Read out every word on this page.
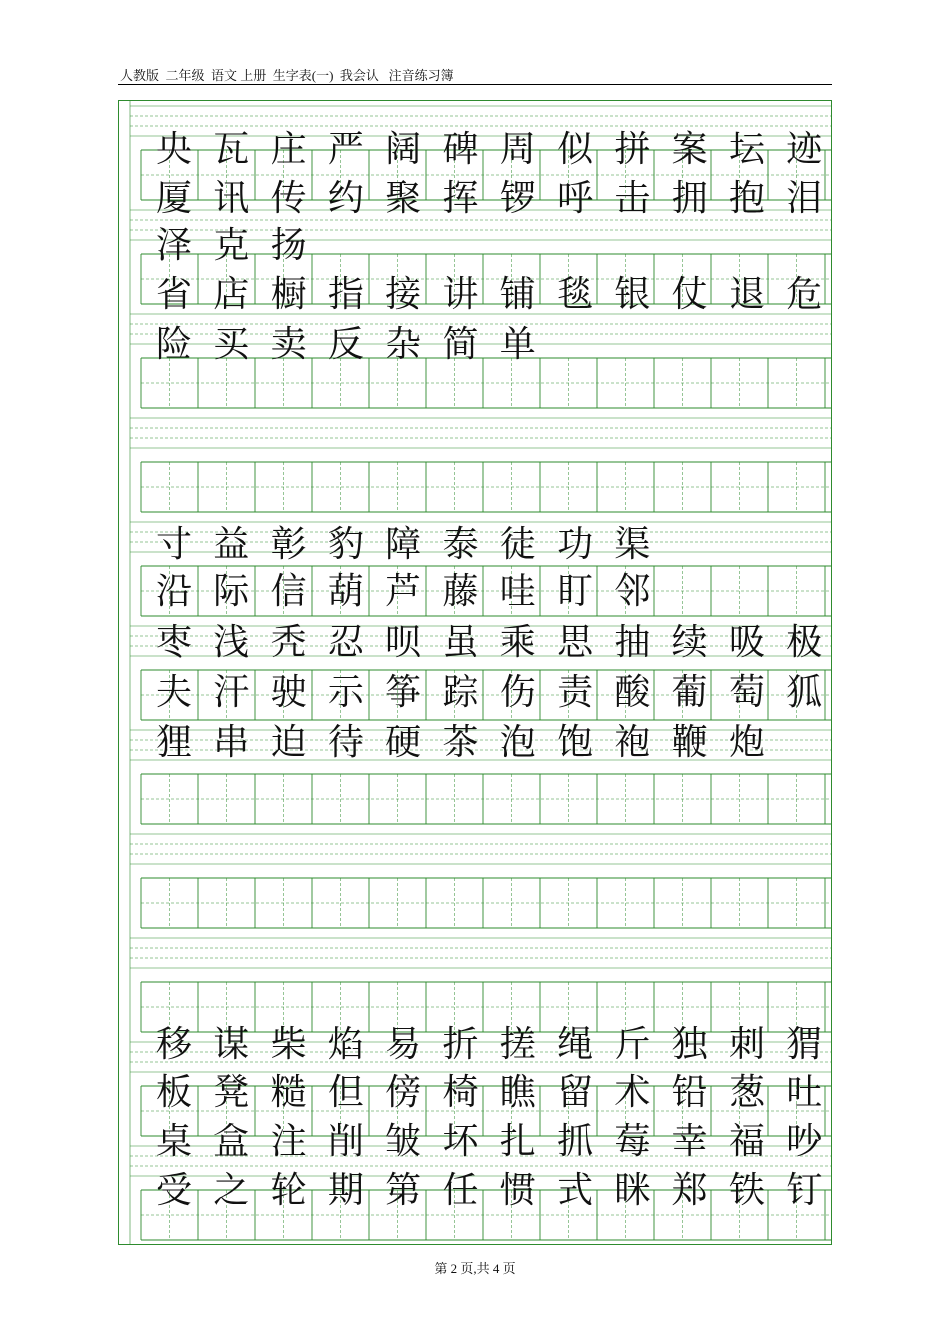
人教版  二年级  语文 上册  生字表(一)  我会认   注音练习簿
央 瓦 庄 严 阔 碑 周 似 拼 案 坛 迹
厦 讯 传 约 聚 挥 锣 呼 击 拥 抱 泪
泽 克 扬
省 店 橱 指 接 讲 铺 毯 银 仗 退 危
险 买 卖 反 杂 简 单
寸 益 彰 豹 障 泰 徒 功 渠
沿 际 信 葫 芦 藤 哇 盯 邻
枣 浅 秃 忍 呗 虽 乘 思 抽 续 吸 极
夫 汗 驶 示 筝 踪 伤 责 酸 葡 萄 狐
狸 串 迫 待 硬 茶 泡 饱 袍 鞭 炮
移 谋 柴 焰 易 折 搓 绳 斤 独 刺 猬
板 凳 糙 但 傍 椅 瞧 留 术 铅 葱 吐
桌 盒 注 削 皱 坏 扎 抓 莓 幸 福 吵
受 之 轮 期 第 任 惯 式 眯 郑 铁 钉
第 2 页,共 4 页
